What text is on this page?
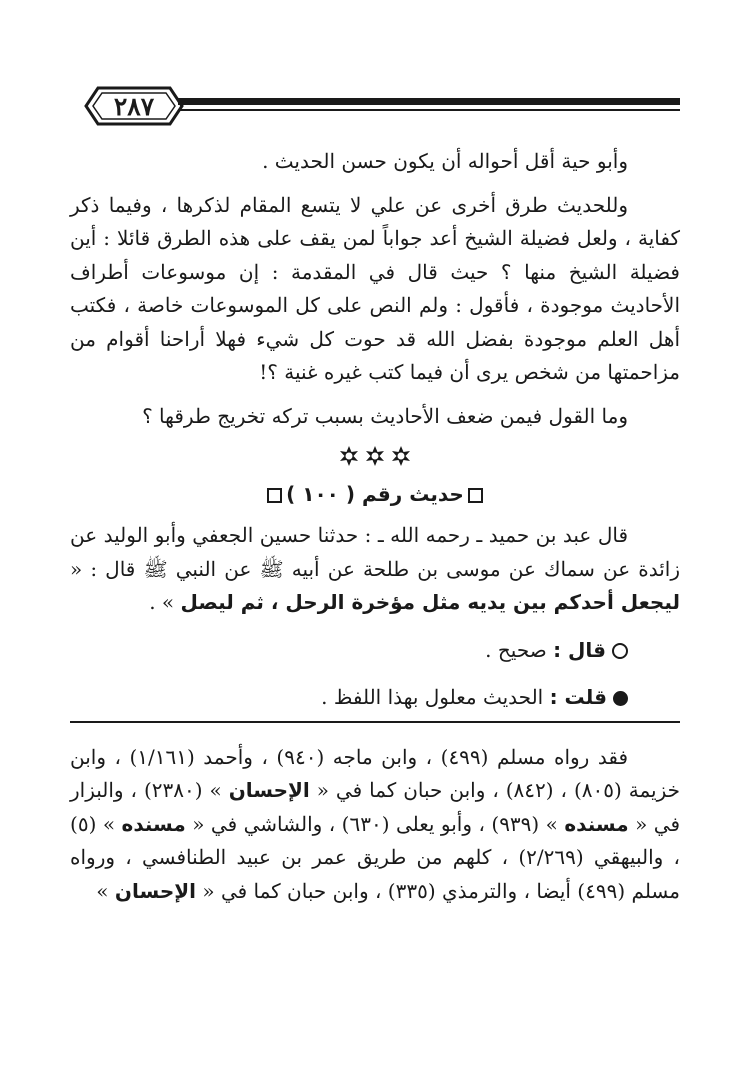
٢٨٧

وأبو حية أقل أحواله أن يكون حسن الحديث .

وللحديث طرق أخرى عن علي لا يتسع المقام لذكرها ، وفيما ذكر كفاية ، ولعل فضيلة الشيخ أعد جواباً لمن يقف على هذه الطرق قائلا : أين فضيلة الشيخ منها ؟ حيث قال في المقدمة : إن موسوعات أطراف الأحاديث موجودة ، فأقول : ولم النص على كل الموسوعات خاصة ، فكتب أهل العلم موجودة بفضل الله قد حوت كل شيء فهلا أراحنا أقوام من مزاحمتها من شخص يرى أن فيما كتب غيره غنية ؟!

وما القول فيمن ضعف الأحاديث بسبب تركه تخريج طرقها ؟

حديث رقم ( ١٠٠ )

قال عبد بن حميد ـ رحمه الله ـ : حدثنا حسين الجعفي وأبو الوليد عن زائدة عن سماك عن موسى بن طلحة عن أبيه ﷺ عن النبي ﷺ قال : « ليجعل أحدكم بين يديه مثل مؤخرة الرحل ، ثم ليصل » .

قال : صحيح .

قلت : الحديث معلول بهذا اللفظ .

فقد رواه مسلم (٤٩٩) ، وابن ماجه (٩٤٠) ، وأحمد (١/١٦١) ، وابن خزيمة (٨٠٥) ، (٨٤٢) ، وابن حبان كما في « الإحسان » (٢٣٨٠) ، والبزار في « مسنده » (٩٣٩) ، وأبو يعلى (٦٣٠) ، والشاشي في « مسنده » (٥) ، والبيهقي (٢/٢٦٩) ، كلهم من طريق عمر بن عبيد الطنافسي ، ورواه مسلم (٤٩٩) أيضا ، والترمذي (٣٣٥) ، وابن حبان كما في « الإحسان »
